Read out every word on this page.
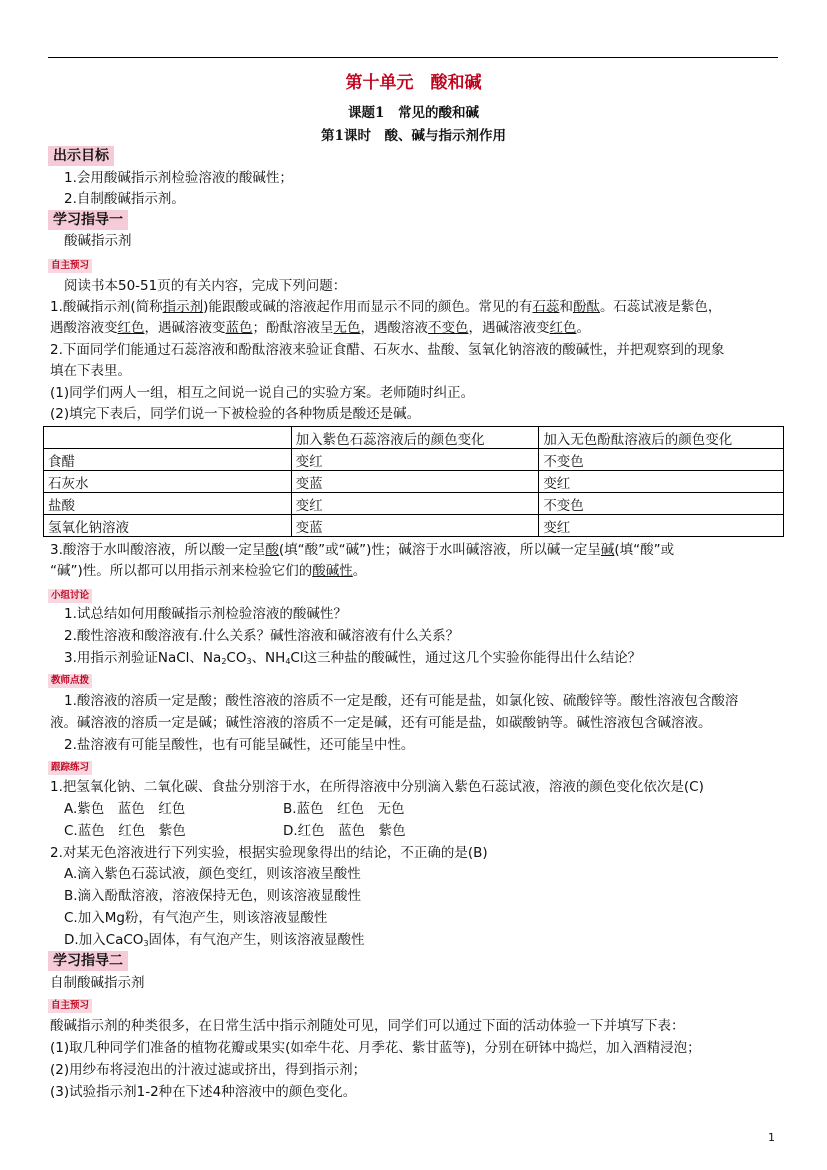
第十单元　酸和碱
课题1　常见的酸和碱
第1课时　酸、碱与指示剂作用
出示目标
1.会用酸碱指示剂检验溶液的酸碱性；
2.自制酸碱指示剂。
学习指导一
酸碱指示剂
自主预习
阅读书本50-51页的有关内容，完成下列问题：
1.酸碱指示剂(简称指示剂)能跟酸或碱的溶液起作用而显示不同的颜色。常见的有石蕊和酚酞。石蕊试液是紫色，
遇酸溶液变红色，遇碱溶液变蓝色；酚酞溶液呈无色，遇酸溶液不变色，遇碱溶液变红色。
2.下面同学们能通过石蕊溶液和酚酞溶液来验证食醋、石灰水、盐酸、氢氧化钠溶液的酸碱性，并把观察到的现象
填在下表里。
(1)同学们两人一组，相互之间说一说自己的实验方案。老师随时纠正。
(2)填完下表后，同学们说一下被检验的各种物质是酸还是碱。
	加入紫色石蕊溶液后的颜色变化	加入无色酚酞溶液后的颜色变化
食醋	变红	不变色
石灰水	变蓝	变红
盐酸	变红	不变色
氢氧化钠溶液	变蓝	变红
3.酸溶于水叫酸溶液，所以酸一定呈酸(填“酸”或“碱”)性；碱溶于水叫碱溶液，所以碱一定呈碱(填“酸”或
“碱”)性。所以都可以用指示剂来检验它们的酸碱性。
小组讨论
1.试总结如何用酸碱指示剂检验溶液的酸碱性？
2.酸性溶液和酸溶液有.什么关系？碱性溶液和碱溶液有什么关系？
3.用指示剂验证NaCl、$Na_2CO_3$、$NH_4Cl$这三种盐的酸碱性，通过这几个实验你能得出什么结论？
教师点拨
1.酸溶液的溶质一定是酸；酸性溶液的溶质不一定是酸，还有可能是盐，如氯化铵、硫酸锌等。酸性溶液包含酸溶
液。碱溶液的溶质一定是碱；碱性溶液的溶质不一定是碱，还有可能是盐，如碳酸钠等。碱性溶液包含碱溶液。
2.盐溶液有可能呈酸性，也有可能呈碱性，还可能呈中性。
跟踪练习
1.把氢氧化钠、二氧化碳、食盐分别溶于水，在所得溶液中分别滴入紫色石蕊试液，溶液的颜色变化依次是(C)
A.紫色　蓝色　红色	B.蓝色　红色　无色
C.蓝色　红色　紫色	D.红色　蓝色　紫色
2.对某无色溶液进行下列实验，根据实验现象得出的结论，不正确的是(B)
A.滴入紫色石蕊试液，颜色变红，则该溶液呈酸性
B.滴入酚酞溶液，溶液保持无色，则该溶液显酸性
C.加入Mg粉，有气泡产生，则该溶液显酸性
D.加入CaCO$_3$固体，有气泡产生，则该溶液显酸性
学习指导二
自制酸碱指示剂
自主预习
酸碱指示剂的种类很多，在日常生活中指示剂随处可见，同学们可以通过下面的活动体验一下并填写下表：
(1)取几种同学们准备的植物花瓣或果实(如牵牛花、月季花、紫甘蓝等)，分别在研钵中捣烂，加入酒精浸泡；
(2)用纱布将浸泡出的汁液过滤或挤出，得到指示剂；
(3)试验指示剂1-2种在下述4种溶液中的颜色变化。
1
